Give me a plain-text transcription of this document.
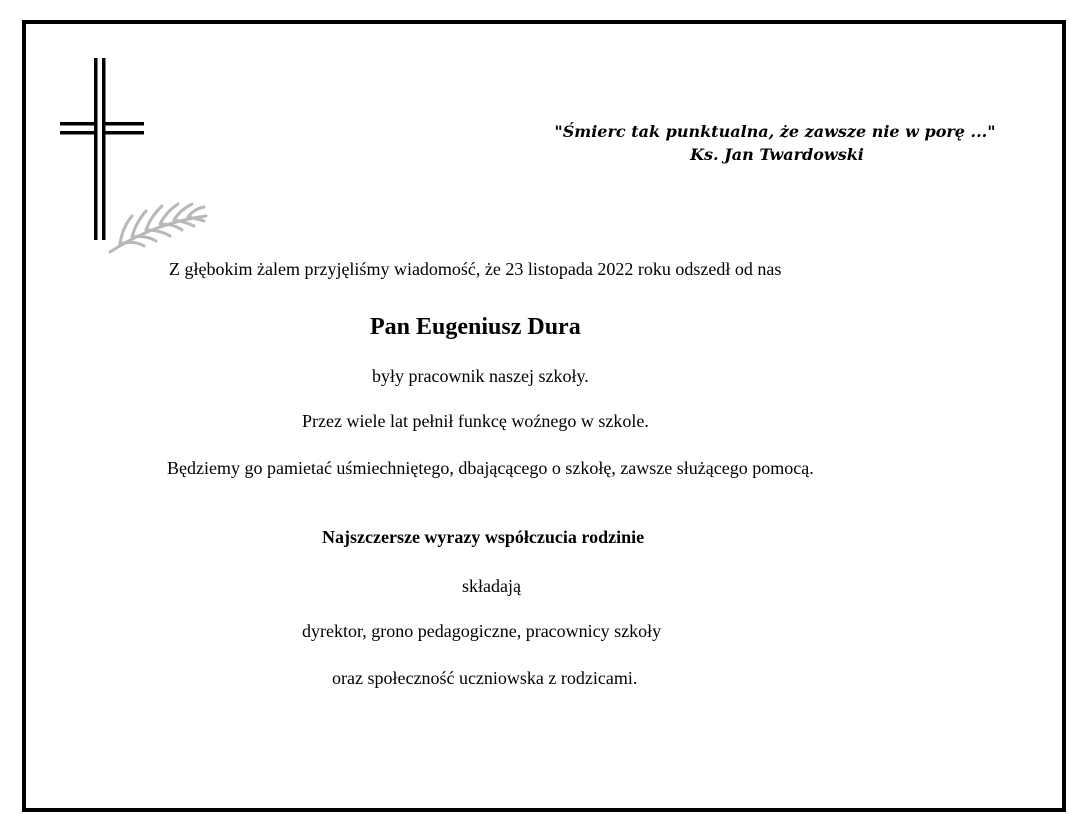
"Śmierc tak punktualna, że zawsze nie w porę ..."
Ks. Jan Twardowski
Z głębokim żalem przyjęliśmy wiadomość, że 23 listopada 2022 roku odszedł od nas
Pan Eugeniusz Dura
były pracownik naszej szkoły.
Przez wiele lat pełnił funkcę woźnego w szkole.
Będziemy go pamietać uśmiechniętego, dbającącego o szkołę, zawsze służącego pomocą.
Najszczersze wyrazy współczucia rodzinie
składają
dyrektor, grono pedagogiczne, pracownicy szkoły
oraz społeczność uczniowska z rodzicami.
